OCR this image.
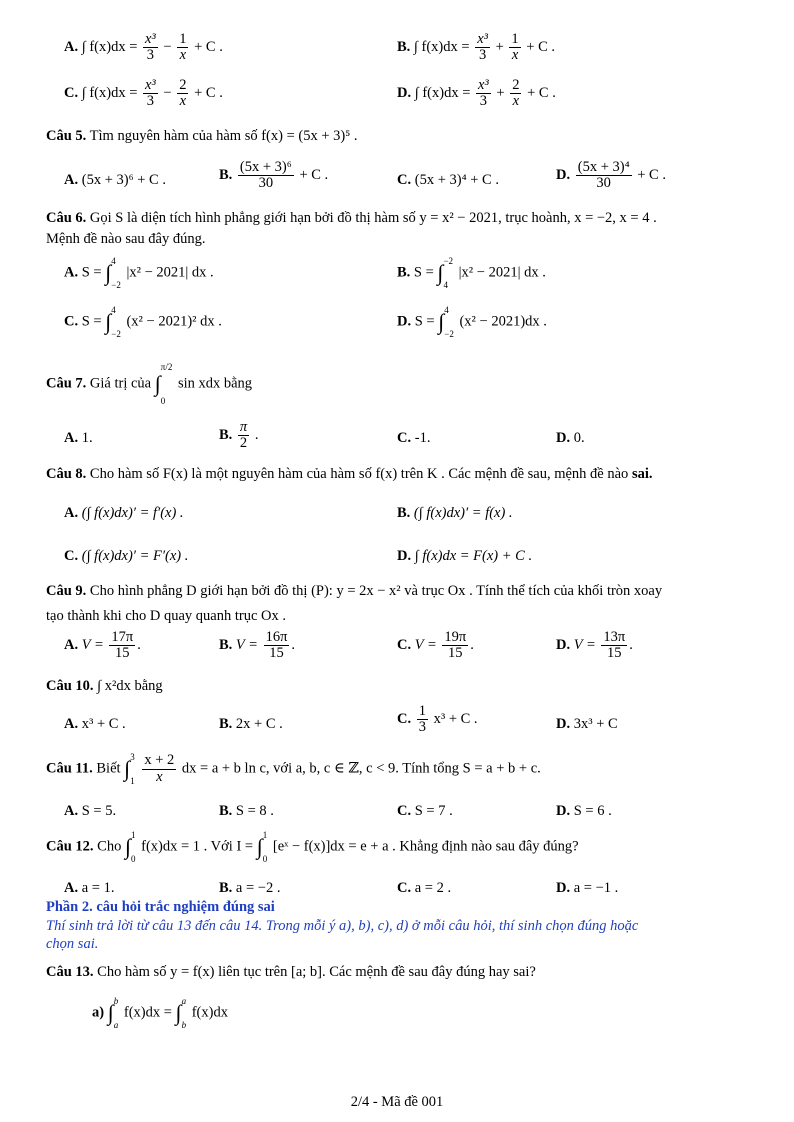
A. ∫ $f(x)dx = \frac{\text{x³}}{3} - \frac{1}{x} + C$ .	B. ∫ $f(x)dx = \frac{\text{x³}}{3} + \frac{1}{x} + C$ .
C. ∫ $f(x)dx = \frac{\text{x³}}{3} - \frac{2}{x} + C$ .	D. ∫ $f(x)dx = \frac{\text{x³}}{3} + \frac{2}{x} + C$ .
Câu 5. Tìm nguyên hàm của hàm số f(x) = (5x + 3)⁵ .
A. (5x + 3)⁶ + C .	B. $\frac{\text{(5x + 3)⁶}}{30} + C$ .	C. (5x + 3)⁴ + C .	D. $\frac{\text{(5x + 3)⁴}}{30} + C$ .
Câu 6. Gọi S là diện tích hình phẳng giới hạn bởi đồ thị hàm số y = x² − 2021, trục hoành, x = −2, x = 4 .
Mệnh đề nào sau đây đúng.
A. S = ∫ 4
−2
|x² − 2021| dx .	B. S = ∫ −2
4
|x² − 2021| dx .
C. S = ∫ 4
−2
(x² − 2021)² dx .	D. S = ∫ 4
−2
(x² − 2021)dx .
Câu 7. Giá trị của ∫
π/2
0
sin xdx bằng
A. 1.	B. $\frac{\pi}{2}$ .	C. -1.	D. 0.
Câu 8. Cho hàm số F(x) là một nguyên hàm của hàm số f(x) trên K . Các mệnh đề sau, mệnh đề nào sai.
A. (∫ f(x)dx)′ = f′(x) .	B. (∫ f(x)dx)′ = f(x) .
C. (∫ f(x)dx)′ = F′(x) .	D. ∫ f(x)dx = F(x) + C .
Câu 9. Cho hình phẳng D giới hạn bởi đồ thị (P): y = 2x − x² và trục Ox . Tính thể tích của khối tròn xoay
tạo thành khi cho D quay quanh trục Ox .
A. $V = \frac{17\pi}{15}$ .	B. $V = \frac{16\pi}{15}$ .	C. $V = \frac{19\pi}{15}$ .	D. $V = \frac{13\pi}{15}$ .
Câu 10. ∫ x²dx bằng
A. x³ + C .	B. 2x + C .	C. $\frac{1}{3} x^3 + C$ .	D. 3x³ + C
Câu 11. Biết ∫ 3
1
$\frac{x + 2}{x}$ dx = a + b ln c, với a, b, c ∈ ℤ, c < 9. Tính tổng S = a + b + c.
A. S = 5.	B. S = 8 .	C. S = 7 .	D. S = 6 .
Câu 12. Cho ∫ 1
0
f(x)dx = 1 . Với I = ∫ 1
0
[eˣ − f(x)]dx = e + a . Khẳng định nào sau đây đúng?
A. a = 1.	B. a = −2 .	C. a = 2 .	D. a = −1 .
Phần 2. câu hỏi trắc nghiệm đúng sai
Thí sinh trả lời từ câu 13 đến câu 14. Trong mỗi ý a), b), c), d) ở mỗi câu hỏi, thí sinh chọn đúng hoặc
chọn sai.
Câu 13. Cho hàm số y = f(x) liên tục trên [a; b]. Các mệnh đề sau đây đúng hay sai?
a) ∫ b
a
f(x)dx = ∫ a
b
f(x)dx
2/4 - Mã đề 001
